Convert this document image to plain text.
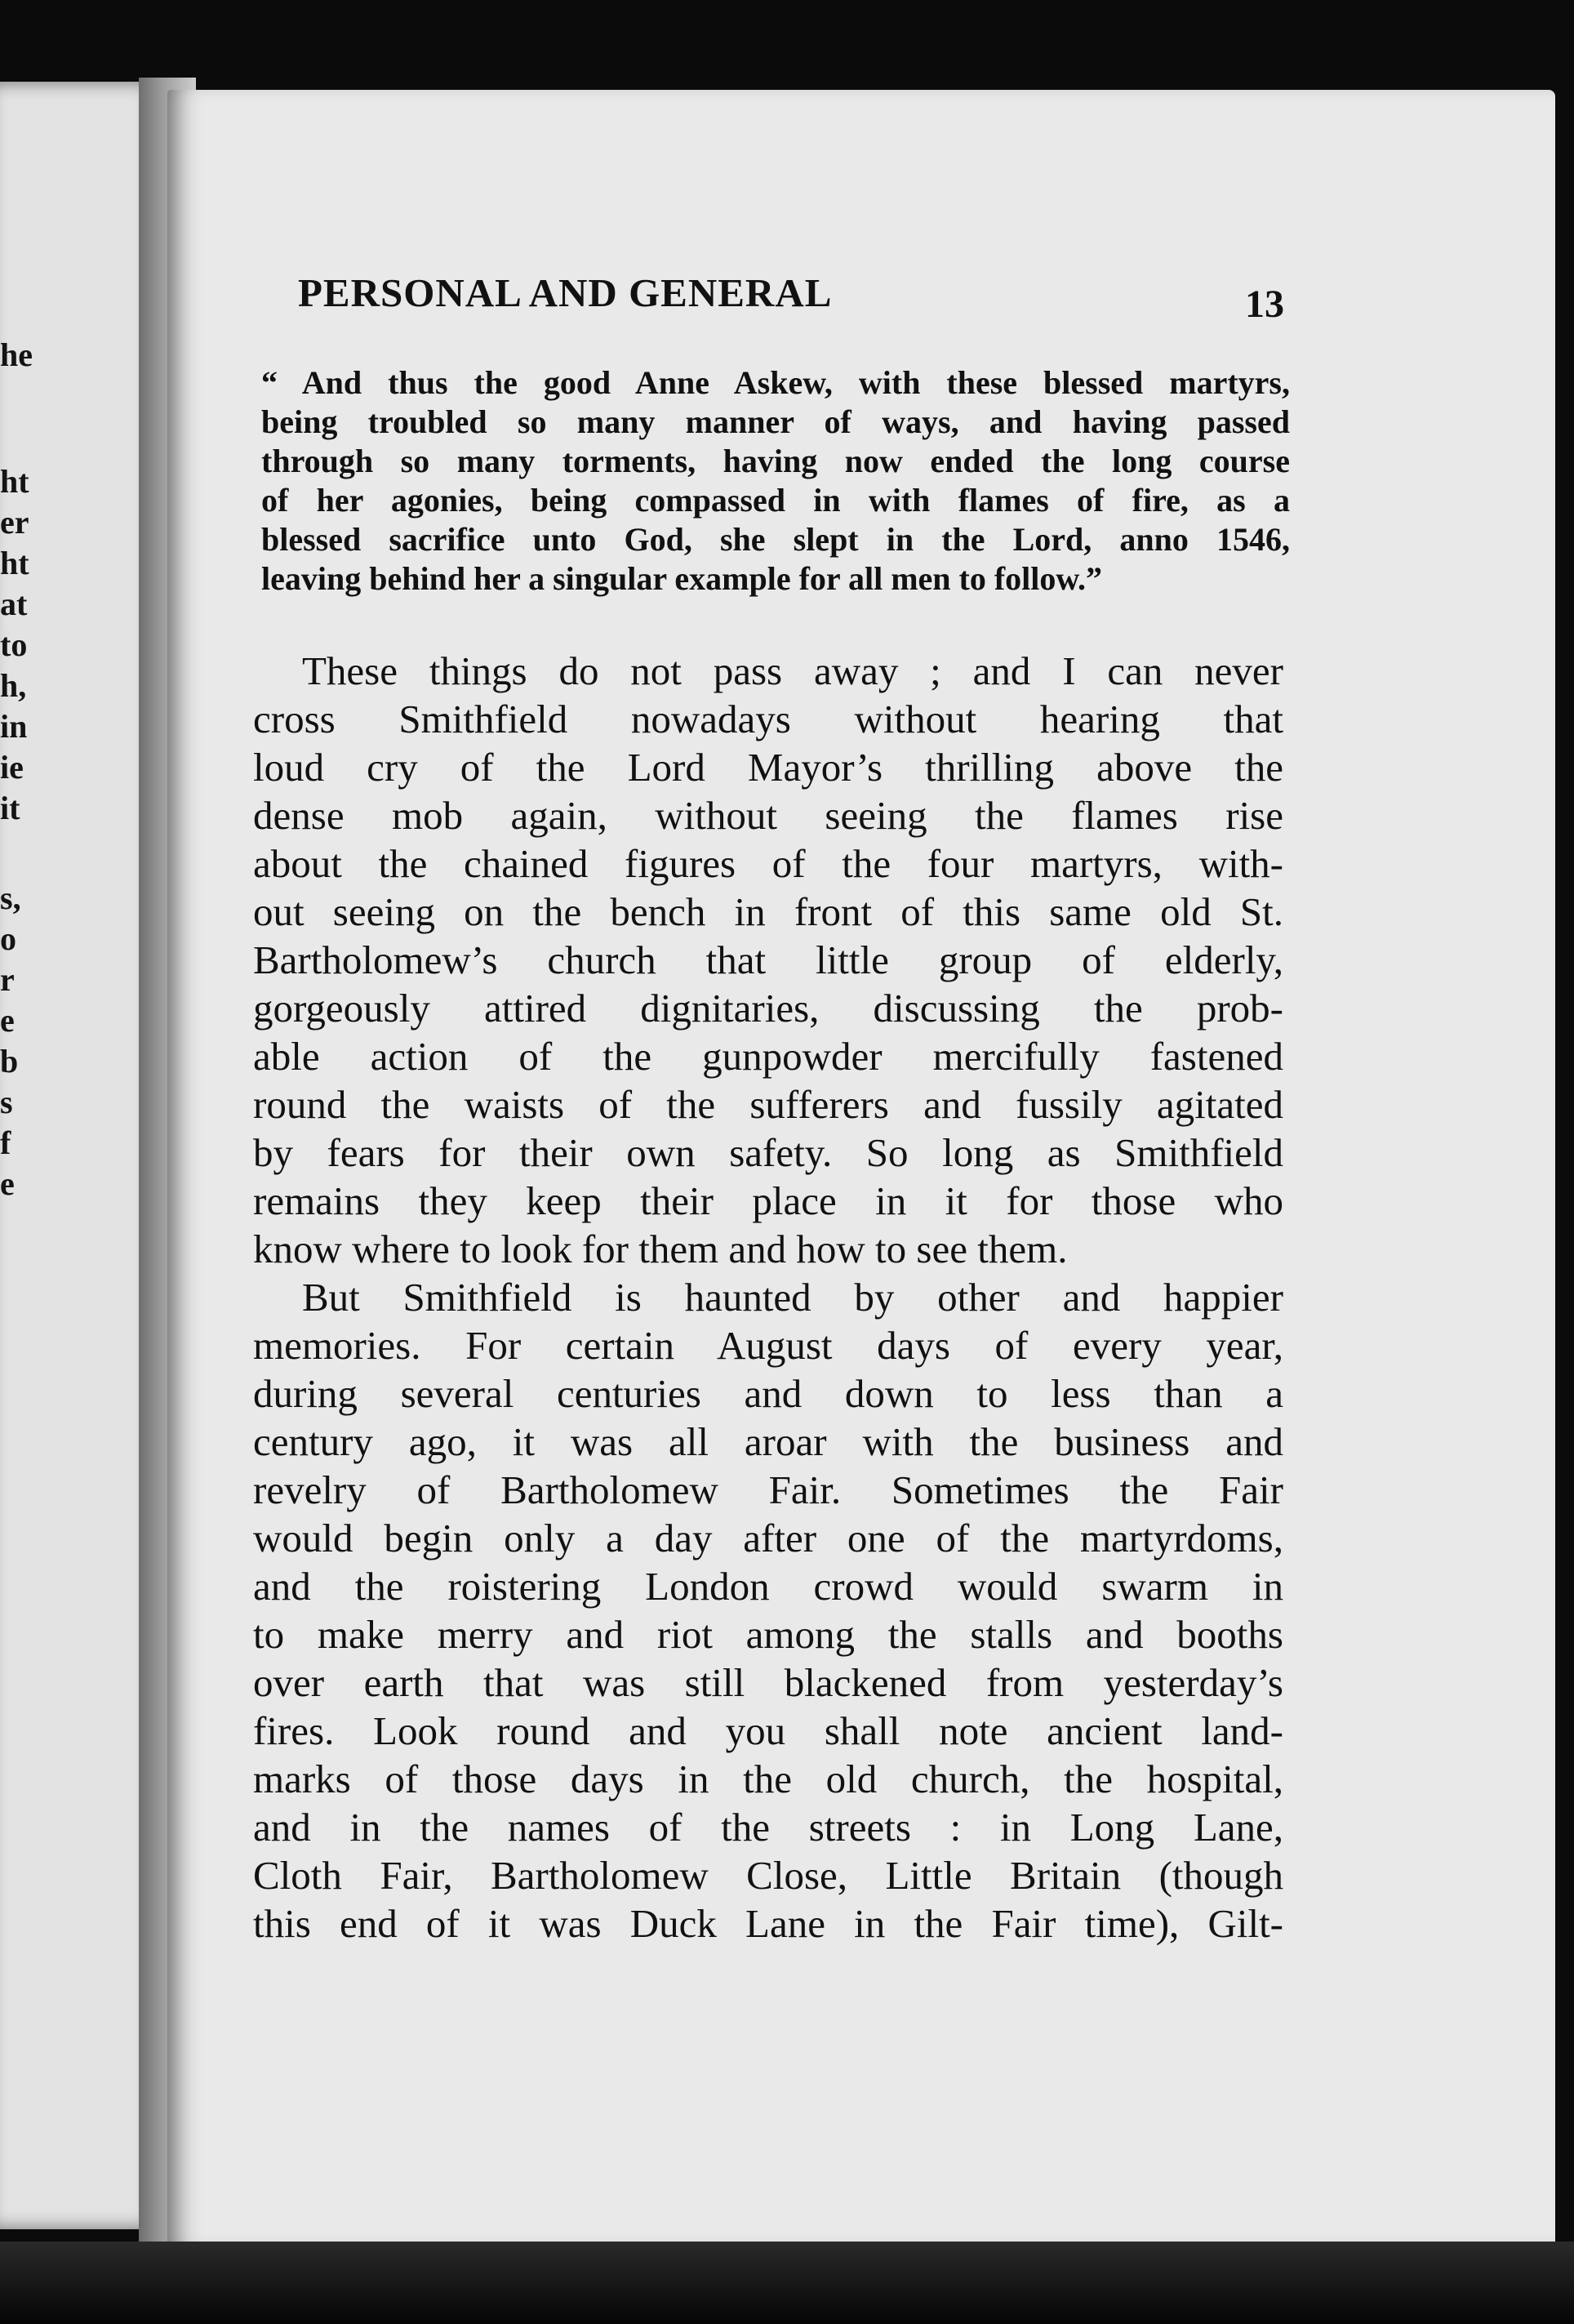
he
ht
er
ht
at
to
h,
in
ie
it
s,
o
r
e
b
s
f
e
PERSONAL AND GENERAL	13
“ And thus the good Anne Askew, with these blessed martyrs,
being troubled so many manner of ways, and having passed
through so many torments, having now ended the long course
of her agonies, being compassed in with flames of fire, as a
blessed sacrifice unto God, she slept in the Lord, anno 1546,
leaving behind her a singular example for all men to follow.”
These things do not pass away ; and I can never
cross Smithfield nowadays without hearing that
loud cry of the Lord Mayor’s thrilling above the
dense mob again, without seeing the flames rise
about the chained figures of the four martyrs, with-
out seeing on the bench in front of this same old St.
Bartholomew’s church that little group of elderly,
gorgeously attired dignitaries, discussing the prob-
able action of the gunpowder mercifully fastened
round the waists of the sufferers and fussily agitated
by fears for their own safety. So long as Smithfield
remains they keep their place in it for those who
know where to look for them and how to see them.
But Smithfield is haunted by other and happier
memories. For certain August days of every year,
during several centuries and down to less than a
century ago, it was all aroar with the business and
revelry of Bartholomew Fair. Sometimes the Fair
would begin only a day after one of the martyrdoms,
and the roistering London crowd would swarm in
to make merry and riot among the stalls and booths
over earth that was still blackened from yesterday’s
fires. Look round and you shall note ancient land-
marks of those days in the old church, the hospital,
and in the names of the streets : in Long Lane,
Cloth Fair, Bartholomew Close, Little Britain (though
this end of it was Duck Lane in the Fair time), Gilt-
